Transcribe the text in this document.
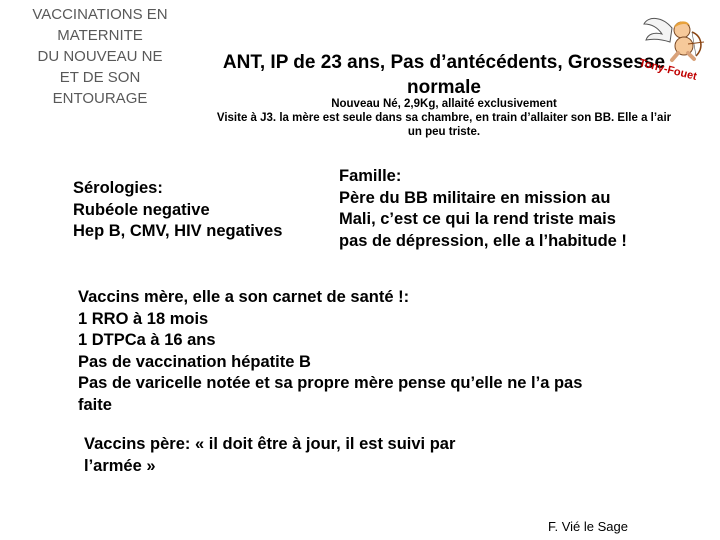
VACCINATIONS EN
MATERNITE
DU NOUVEAU NE
ET DE SON
ENTOURAGE
ANT, IP de 23 ans, Pas d’antécédents, Grossesse
normale
Tony-Fouet
Nouveau Né, 2,9Kg, allaité exclusivement
Visite à J3. la mère est seule dans sa chambre, en train d’allaiter son BB. Elle a l’air
un peu triste.
Sérologies:
Rubéole negative
Hep B, CMV, HIV negatives
Famille:
Père du BB militaire en mission au
Mali, c’est ce qui la rend triste mais
pas de dépression, elle a l’habitude !
Vaccins mère, elle a son carnet de santé !:
1 RRO à 18 mois
1 DTPCa à 16 ans
Pas de vaccination hépatite B
Pas de varicelle notée et sa propre mère pense qu’elle ne l’a pas
faite
Vaccins père: « il doit être à jour, il est suivi par
l’armée »
F. Vié le Sage
